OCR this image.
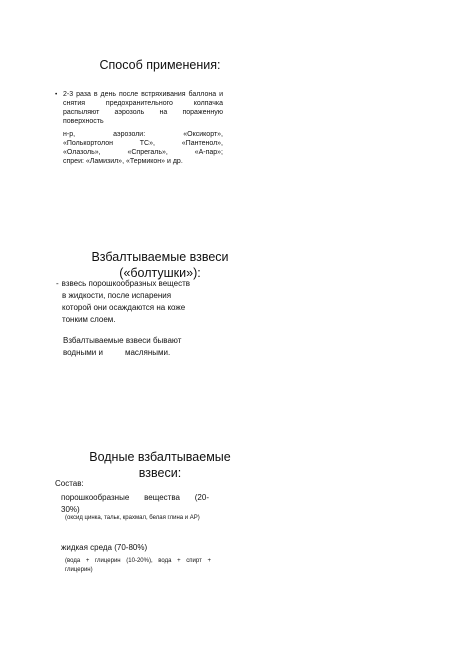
Способ применения:
• 2-3 раза в день после встряхивания баллона и снятия предохранительного колпачка распыляют аэрозоль на пораженную поверхность
н-р, аэрозоли: «Оксикорт»,
«Полькортолон ТС», «Пантенол»,
«Олазоль», «Спрегаль», «А-пар»;
спреи: «Ламизил», «Термикон» и др.
Взбалтываемые взвеси
(«болтушки»):
- взвесь порошкообразных веществ
в жидкости, после испарения
которой они осаждаются на коже
тонким слоем.
Взбалтываемые взвеси бывают
водными и	масляными.
Водные взбалтываемые
взвеси:
Состав:
порошкообразные вещества (20-
30%)
(оксид цинка, тальк, крахмал, белая глина и АР)
жидкая среда (70-80%)
(вода + глицерин (10-20%), вода + спирт + глицерин)
